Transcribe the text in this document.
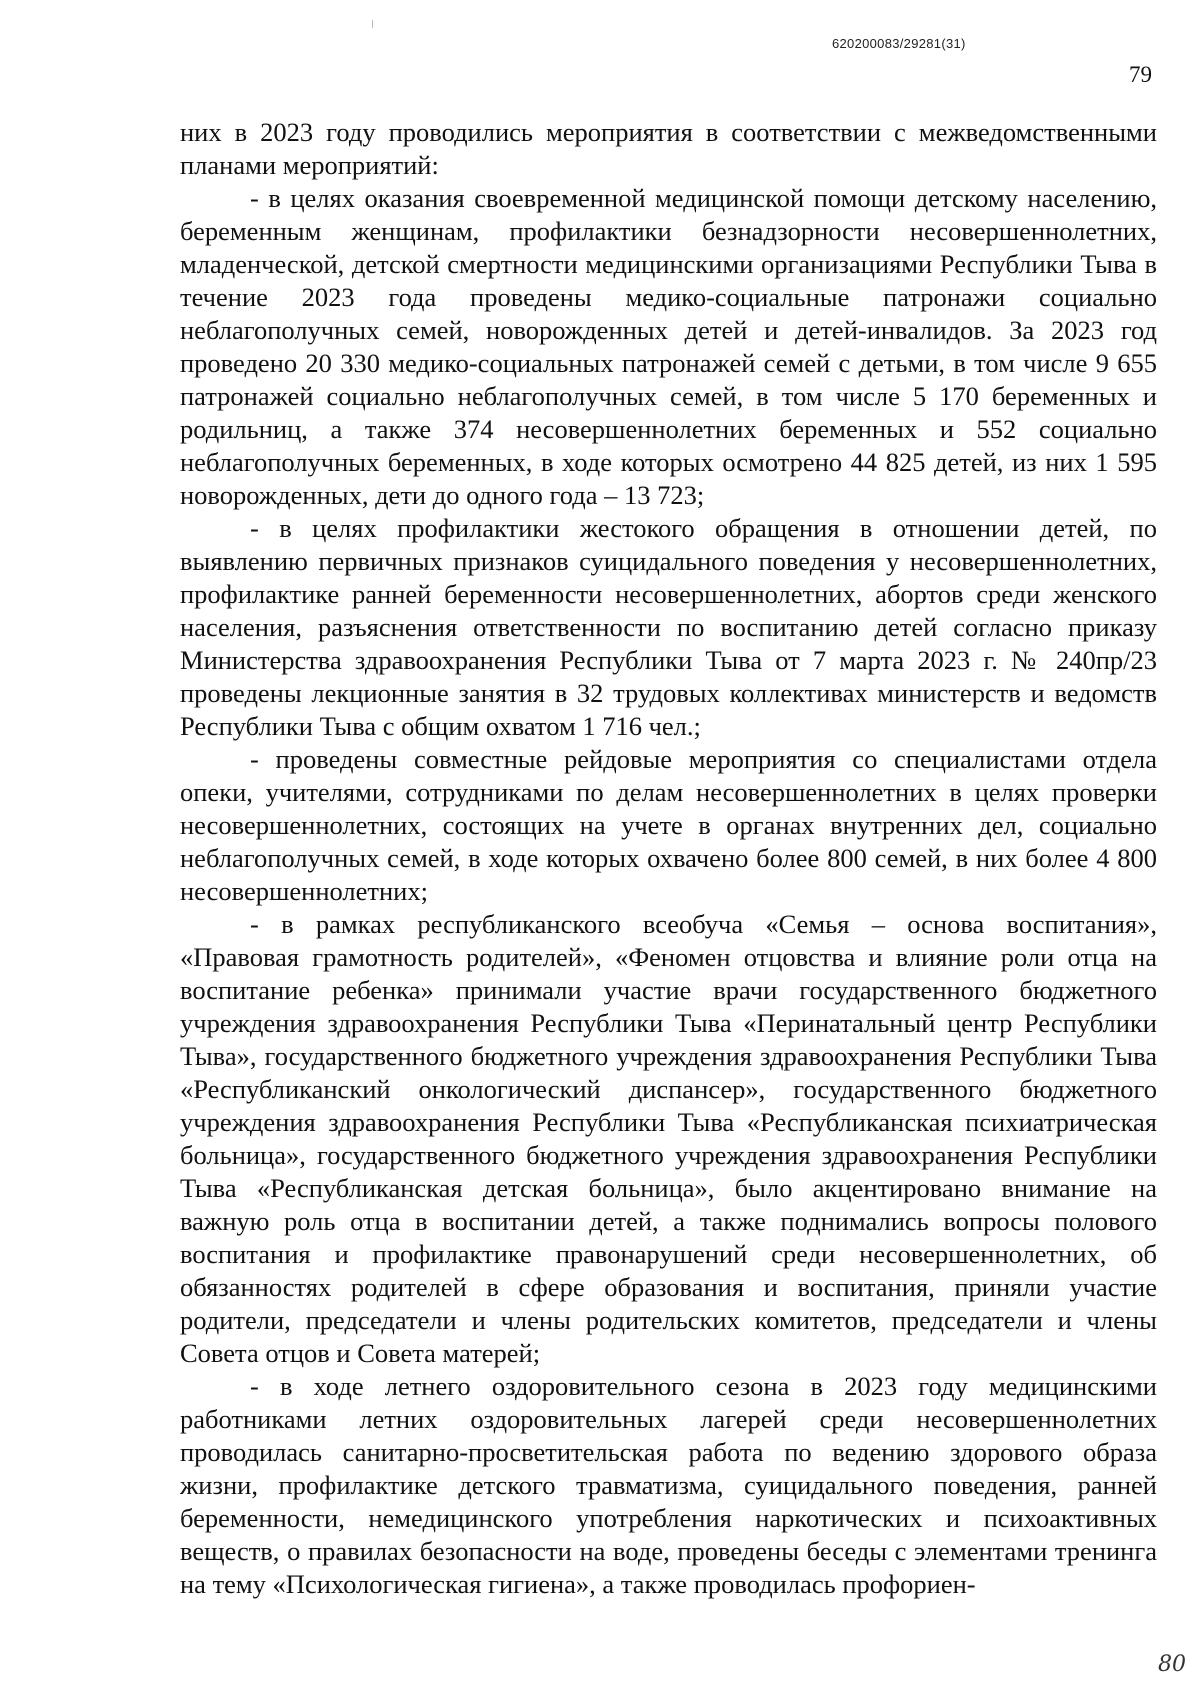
620200083/29281(31)
79

них в 2023 году проводились мероприятия в соответствии с межведомственными планами мероприятий:

- в целях оказания своевременной медицинской помощи детскому населению, беременным женщинам, профилактики безнадзорности несовершеннолетних, младенческой, детской смертности медицинскими организациями Республики Тыва в течение 2023 года проведены медико-социальные патронажи социально неблагополучных семей, новорожденных детей и детей-инвалидов. За 2023 год проведено 20 330 медико-социальных патронажей семей с детьми, в том числе 9 655 патронажей социально неблагополучных семей, в том числе 5 170 беременных и родильниц, а также 374 несовершеннолетних беременных и 552 социально неблагополучных беременных, в ходе которых осмотрено 44 825 детей, из них 1 595 новорожденных, дети до одного года – 13 723;

- в целях профилактики жестокого обращения в отношении детей, по выявлению первичных признаков суицидального поведения у несовершеннолетних, профилактике ранней беременности несовершеннолетних, абортов среди женского населения, разъяснения ответственности по воспитанию детей согласно приказу Министерства здравоохранения Республики Тыва от 7 марта 2023 г. № 240пр/23 проведены лекционные занятия в 32 трудовых коллективах министерств и ведомств Республики Тыва с общим охватом 1 716 чел.;

- проведены совместные рейдовые мероприятия со специалистами отдела опеки, учителями, сотрудниками по делам несовершеннолетних в целях проверки несовершеннолетних, состоящих на учете в органах внутренних дел, социально неблагополучных семей, в ходе которых охвачено более 800 семей, в них более 4 800 несовершеннолетних;

- в рамках республиканского всеобуча «Семья – основа воспитания», «Правовая грамотность родителей», «Феномен отцовства и влияние роли отца на воспитание ребенка» принимали участие врачи государственного бюджетного учреждения здравоохранения Республики Тыва «Перинатальный центр Республики Тыва», государственного бюджетного учреждения здравоохранения Республики Тыва «Республиканский онкологический диспансер», государственного бюджетного учреждения здравоохранения Республики Тыва «Республиканская психиатрическая больница», государственного бюджетного учреждения здравоохранения Республики Тыва «Республиканская детская больница», было акцентировано внимание на важную роль отца в воспитании детей, а также поднимались вопросы полового воспитания и профилактике правонарушений среди несовершеннолетних, об обязанностях родителей в сфере образования и воспитания, приняли участие родители, председатели и члены родительских комитетов, председатели и члены Совета отцов и Совета матерей;

- в ходе летнего оздоровительного сезона в 2023 году медицинскими работниками летних оздоровительных лагерей среди несовершеннолетних проводилась санитарно-просветительская работа по ведению здорового образа жизни, профилактике детского травматизма, суицидального поведения, ранней беременности, немедицинского употребления наркотических и психоактивных веществ, о правилах безопасности на воде, проведены беседы с элементами тренинга на тему «Психологическая гигиена», а также проводилась профориен-

80
